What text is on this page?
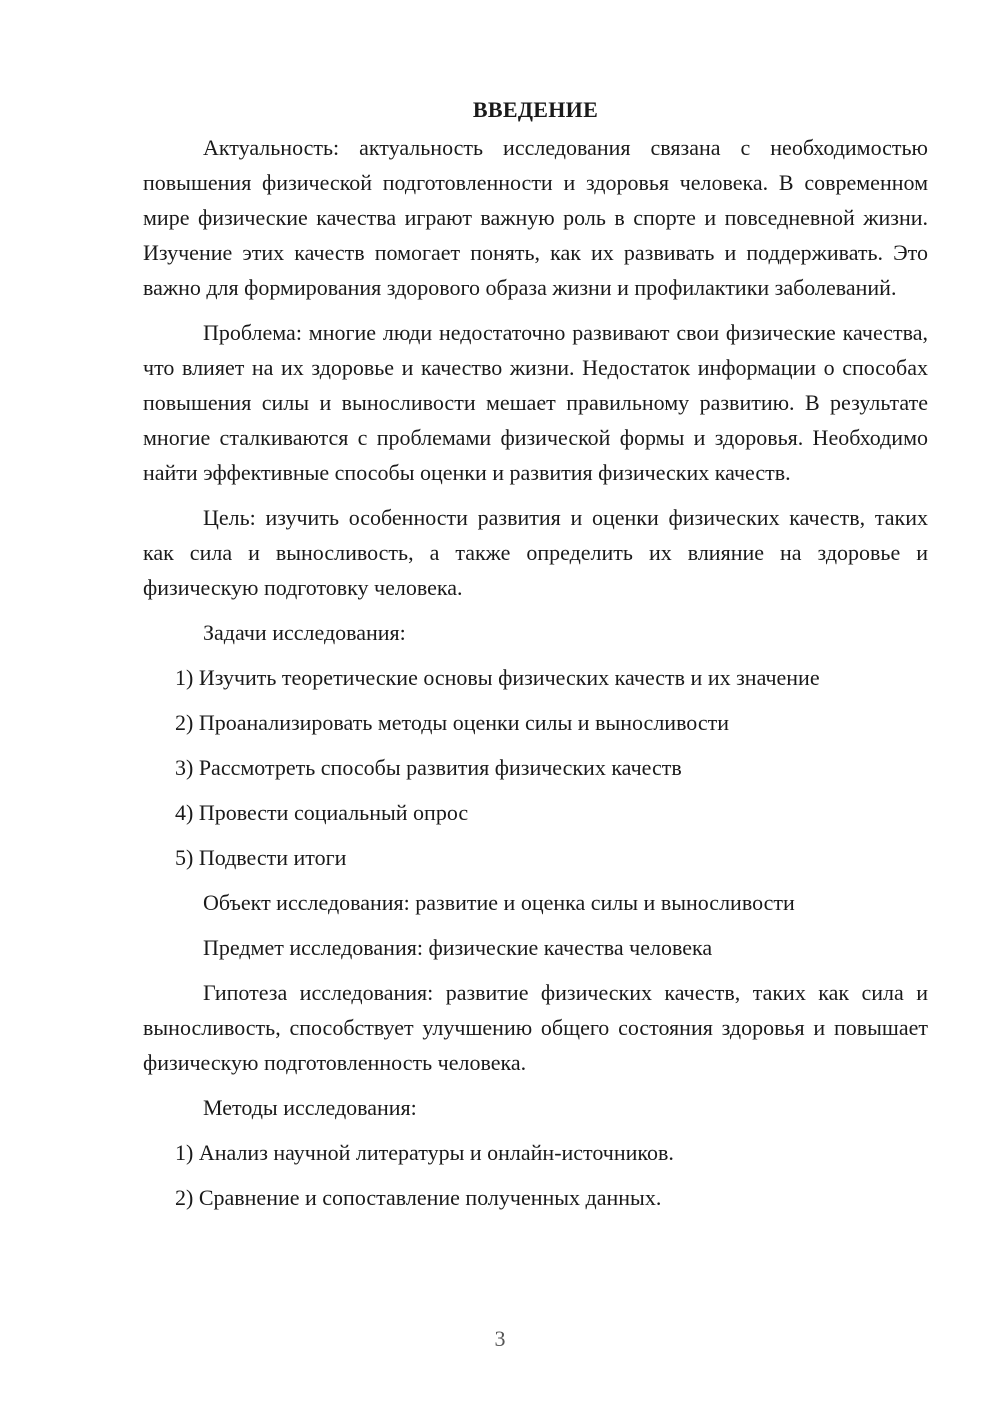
ВВЕДЕНИЕ

Актуальность: актуальность исследования связана с необходимостью повышения физической подготовленности и здоровья человека. В современном мире физические качества играют важную роль в спорте и повседневной жизни. Изучение этих качеств помогает понять, как их развивать и поддерживать. Это важно для формирования здорового образа жизни и профилактики заболеваний.

Проблема: многие люди недостаточно развивают свои физические качества, что влияет на их здоровье и качество жизни. Недостаток информации о способах повышения силы и выносливости мешает правильному развитию. В результате многие сталкиваются с проблемами физической формы и здоровья. Необходимо найти эффективные способы оценки и развития физических качеств.

Цель: изучить особенности развития и оценки физических качеств, таких как сила и выносливость, а также определить их влияние на здоровье и физическую подготовку человека.

Задачи исследования:
1) Изучить теоретические основы физических качеств и их значение
2) Проанализировать методы оценки силы и выносливости
3) Рассмотреть способы развития физических качеств
4) Провести социальный опрос
5) Подвести итоги
Объект исследования: развитие и оценка силы и выносливости
Предмет исследования: физические качества человека

Гипотеза исследования: развитие физических качеств, таких как сила и выносливость, способствует улучшению общего состояния здоровья и повышает физическую подготовленность человека.

Методы исследования:
1) Анализ научной литературы и онлайн-источников.
2) Сравнение и сопоставление полученных данных.
3
